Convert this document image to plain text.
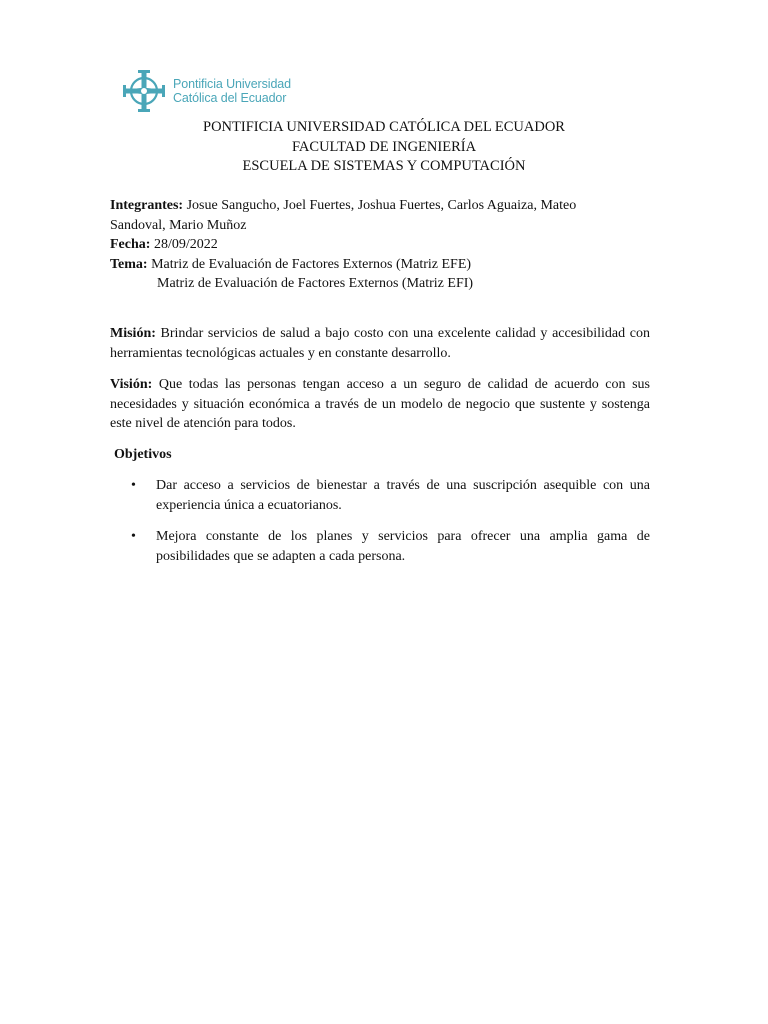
Pontificia Universidad
Católica del Ecuador
PONTIFICIA UNIVERSIDAD CATÓLICA DEL ECUADOR
FACULTAD DE INGENIERÍA
ESCUELA DE SISTEMAS Y COMPUTACIÓN
Integrantes: Josue Sangucho, Joel Fuertes, Joshua Fuertes, Carlos Aguaiza, Mateo
Sandoval, Mario Muñoz
Fecha: 28/09/2022
Tema: Matriz de Evaluación de Factores Externos (Matriz EFE)
Matriz de Evaluación de Factores Externos (Matriz EFI)
Misión: Brindar servicios de salud a bajo costo con una excelente calidad y accesibilidad con herramientas tecnológicas actuales y en constante desarrollo.
Visión: Que todas las personas tengan acceso a un seguro de calidad de acuerdo con sus necesidades y situación económica a través de un modelo de negocio que sustente y sostenga este nivel de atención para todos.
Objetivos
• Dar acceso a servicios de bienestar a través de una suscripción asequible con una experiencia única a ecuatorianos.
• Mejora constante de los planes y servicios para ofrecer una amplia gama de posibilidades que se adapten a cada persona.
